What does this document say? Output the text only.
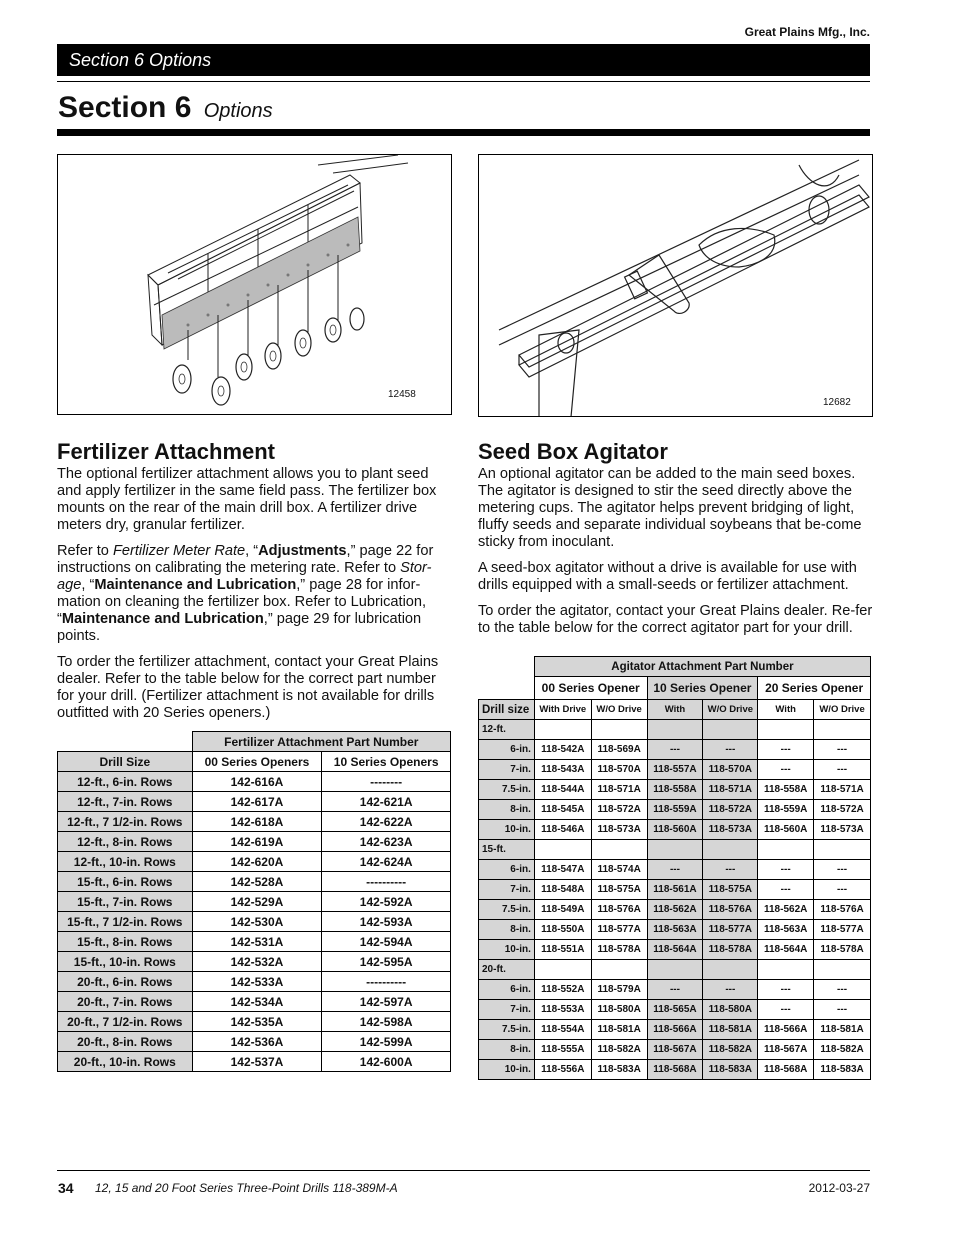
Great Plains Mfg., Inc.
Section 6 Options
Section 6 Options
12458
12682
Fertilizer Attachment

The optional fertilizer attachment allows you to plant seed and apply fertilizer in the same field pass. The fertilizer box mounts on the rear of the main drill box. A fertilizer drive meters dry, granular fertilizer.

Refer to Fertilizer Meter Rate, “Adjustments,” page 22 for instructions on calibrating the metering rate. Refer to Stor-age, “Maintenance and Lubrication,” page 28 for infor-mation on cleaning the fertilizer box. Refer to Lubrication, “Maintenance and Lubrication,” page 29 for lubrication points.

To order the fertilizer attachment, contact your Great Plains dealer. Refer to the table below for the correct part number for your drill. (Fertilizer attachment is not available for drills outfitted with 20 Series openers.)

	Fertilizer Attachment Part Number	
Drill Size	00 Series Openers	10 Series Openers
12-ft., 6-in. Rows	142-616A	--------
12-ft., 7-in. Rows	142-617A	142-621A
12-ft., 7 1/2-in. Rows	142-618A	142-622A
12-ft., 8-in. Rows	142-619A	142-623A
12-ft., 10-in. Rows	142-620A	142-624A
15-ft., 6-in. Rows	142-528A	----------
15-ft., 7-in. Rows	142-529A	142-592A
15-ft., 7 1/2-in. Rows	142-530A	142-593A
15-ft., 8-in. Rows	142-531A	142-594A
15-ft., 10-in. Rows	142-532A	142-595A
20-ft., 6-in. Rows	142-533A	----------
20-ft., 7-in. Rows	142-534A	142-597A
20-ft., 7 1/2-in. Rows	142-535A	142-598A
20-ft., 8-in. Rows	142-536A	142-599A
20-ft., 10-in. Rows	142-537A	142-600A
Seed Box Agitator

An optional agitator can be added to the main seed boxes. The agitator is designed to stir the seed directly above the metering cups. The agitator helps prevent bridging of light, fluffy seeds and separate individual soybeans that be-come sticky from inoculant.

A seed-box agitator without a drive is available for use with drills equipped with a small-seeds or fertilizer attachment.

To order the agitator, contact your Great Plains dealer. Re-fer to the table below for the correct agitator part for your drill.

	Agitator Attachment Part Number					
	00 Series Opener		10 Series Opener		20 Series Opener	
Drill size	With Drive	W/O Drive	With	W/O Drive	With	W/O Drive
12-ft.						
6-in.	118-542A	118-569A	---	---	---	---
7-in.	118-543A	118-570A	118-557A	118-570A	---	---
7.5-in.	118-544A	118-571A	118-558A	118-571A	118-558A	118-571A
8-in.	118-545A	118-572A	118-559A	118-572A	118-559A	118-572A
10-in.	118-546A	118-573A	118-560A	118-573A	118-560A	118-573A
15-ft.						
6-in.	118-547A	118-574A	---	---	---	---
7-in.	118-548A	118-575A	118-561A	118-575A	---	---
7.5-in.	118-549A	118-576A	118-562A	118-576A	118-562A	118-576A
8-in.	118-550A	118-577A	118-563A	118-577A	118-563A	118-577A
10-in.	118-551A	118-578A	118-564A	118-578A	118-564A	118-578A
20-ft.						
6-in.	118-552A	118-579A	---	---	---	---
7-in.	118-553A	118-580A	118-565A	118-580A	---	---
7.5-in.	118-554A	118-581A	118-566A	118-581A	118-566A	118-581A
8-in.	118-555A	118-582A	118-567A	118-582A	118-567A	118-582A
10-in.	118-556A	118-583A	118-568A	118-583A	118-568A	118-583A
34 12, 15 and 20 Foot Series Three-Point Drills 118-389M-A	2012-03-27
